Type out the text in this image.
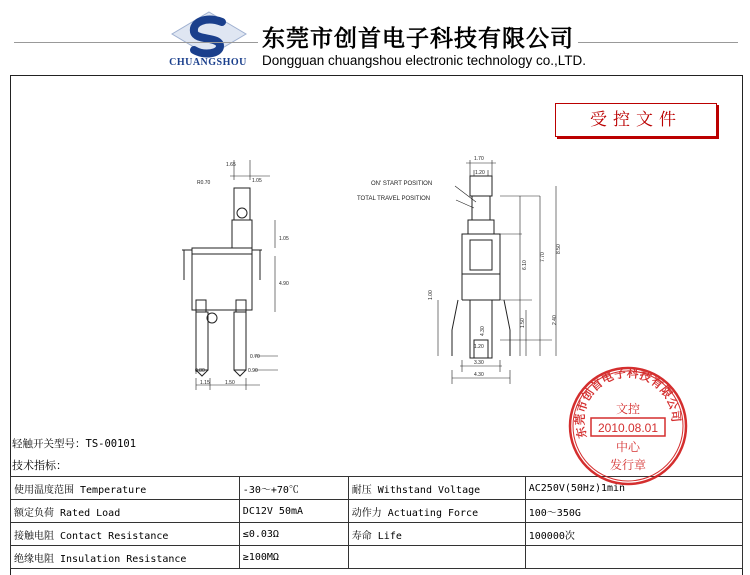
CHUANGSHOU
东莞市创首电子科技有限公司
Dongguan chuangshou electronic technology co.,LTD.
受控文件
1.65
R0.70	1.05
1.05
4.90
0.70
0.80	0.90
1.15	1.50
1.70
1.20
6.10
7.70
8.50
1.00
2.40
1.50
3.30
4.30
1.20
4.30
ON' START POSITION
TOTAL TRAVEL POSITION
轻触开关型号：TS-00101
技术指标：
使用温度范围 Temperature	-30～+70℃	耐压 Withstand Voltage	AC250V(50Hz)1min
额定负荷 Rated Load	DC12V 50mA	动作力 Actuating Force	100～350G
接触电阻 Contact Resistance	≤0.03Ω	寿命 Life	100000次
绝缘电阻 Insulation Resistance	≥100MΩ		
东莞市创首电子科技有限公司
文控
2010.08.01
中心
发行章
